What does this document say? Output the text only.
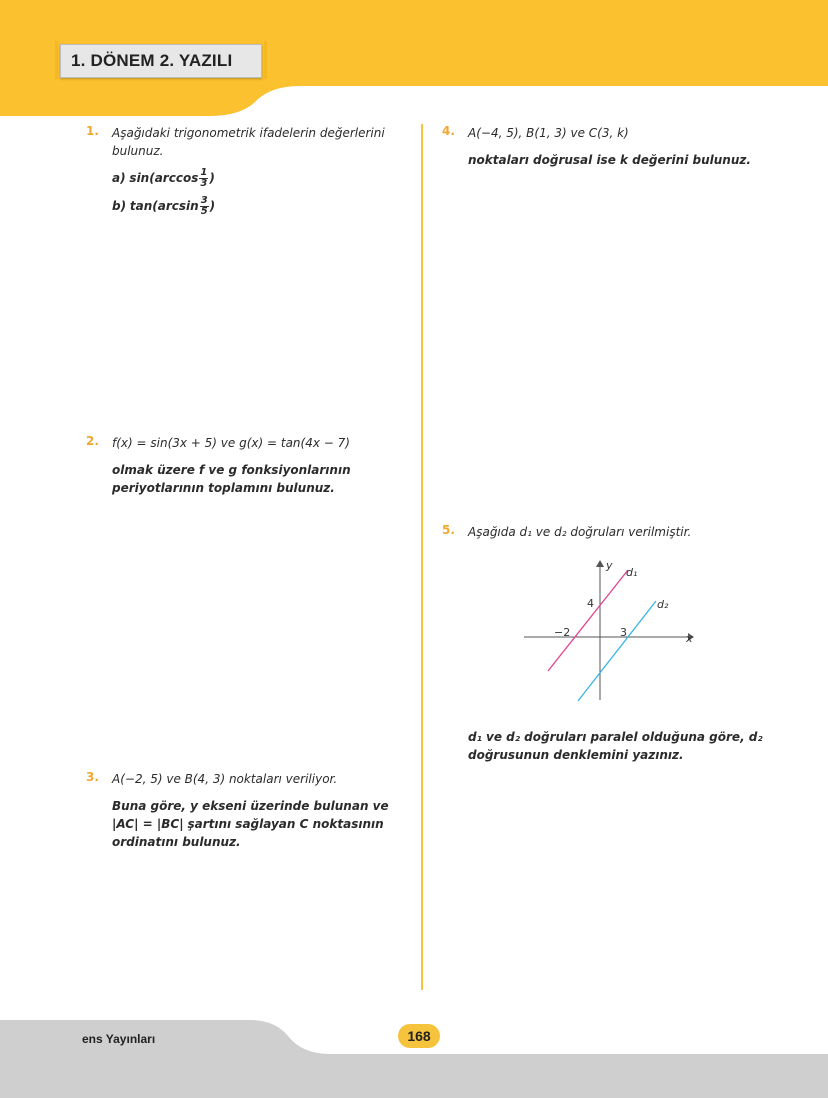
1. DÖNEM 2. YAZILI
1. Aşağıdaki trigonometrik ifadelerin değerlerini bulunuz.
a) $\sin(\arccos \frac{1}{3}$ )
b) $\tan(\arcsin \frac{3}{5}$ )
2. f(x) = sin(3x + 5) ve g(x) = tan(4x − 7)
olmak üzere f ve g fonksiyonlarının periyotlarının toplamını bulunuz.
3. A(−2, 5) ve B(4, 3) noktaları veriliyor.
Buna göre, y ekseni üzerinde bulunan ve |AC| = |BC| şartını sağlayan C noktasının ordinatını bulunuz.
4. A(−4, 5), B(1, 3) ve C(3, k)
noktaları doğrusal ise k değerini bulunuz.
5. Aşağıda d₁ ve d₂ doğruları verilmiştir.
y
x
d₁
d₂
4
−2	3
d₁ ve d₂ doğruları paralel olduğuna göre, d₂
doğrusunun denklemini yazınız.
ens Yayınları	168
